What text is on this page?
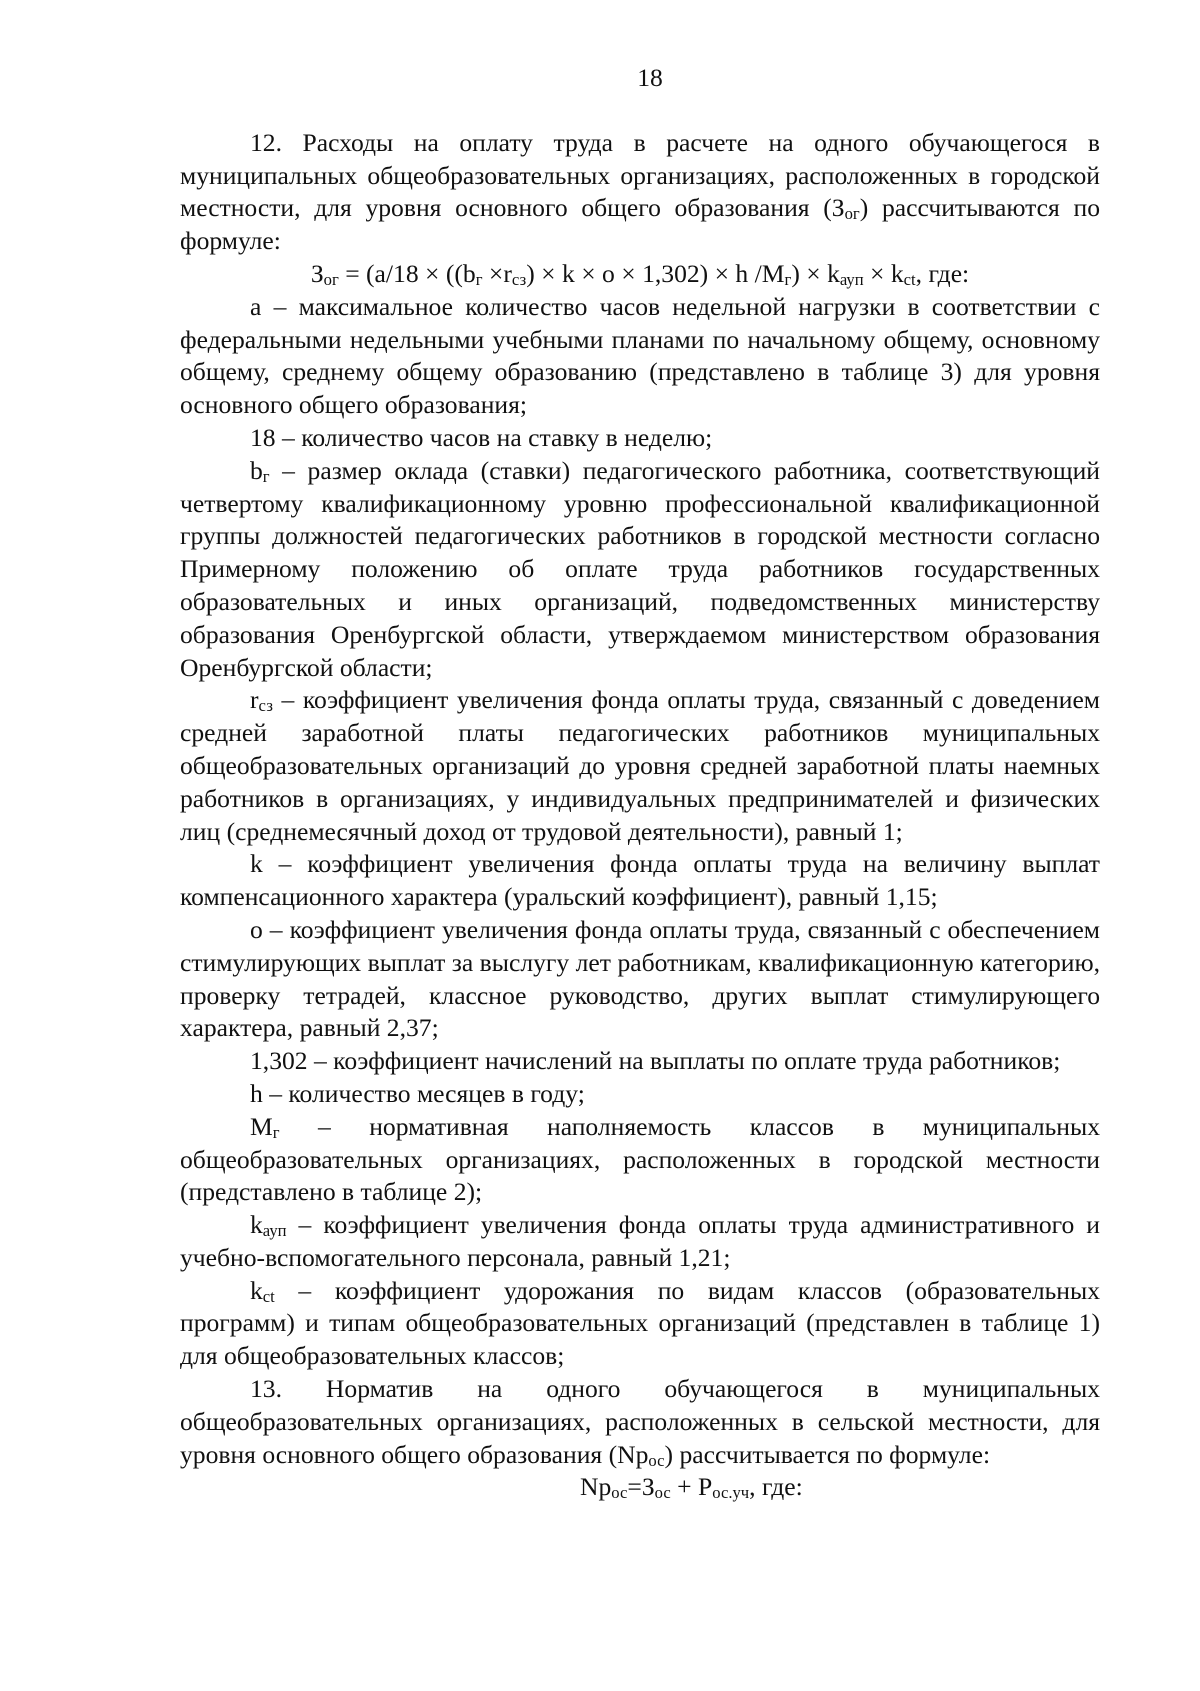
18

12. Расходы на оплату труда в расчете на одного обучающегося в муниципальных общеобразовательных организациях, расположенных в городской местности, для уровня основного общего образования $(З_{ог})$ рассчитываются по формуле:

$З_{ог} = (а/18 \times ((b_г \times r_{сз}) \times k \times o \times 1,302) \times h$ $/M_г) \times k_{ауп} \times k_{ct}$, где:

а – максимальное количество часов недельной нагрузки в соответствии с федеральными недельными учебными планами по начальному общему, основному общему, среднему общему образованию (представлено в таблице 3) для уровня основного общего образования;

18 – количество часов на ставку в неделю;

$b_г$ – размер оклада (ставки) педагогического работника, соответствующий четвертому квалификационному уровню профессиональной квалификационной группы должностей педагогических работников в городской местности согласно Примерному положению об оплате труда работников государственных образовательных и иных организаций, подведомственных министерству образования Оренбургской области, утверждаемом министерством образования Оренбургской области;

$r_{сз}$ – коэффициент увеличения фонда оплаты труда, связанный с доведением средней заработной платы педагогических работников муниципальных общеобразовательных организаций до уровня средней заработной платы наемных работников в организациях, у индивидуальных предпринимателей и физических лиц (среднемесячный доход от трудовой деятельности), равный 1;

k – коэффициент увеличения фонда оплаты труда на величину выплат компенсационного характера (уральский коэффициент), равный 1,15;

о – коэффициент увеличения фонда оплаты труда, связанный с обеспечением стимулирующих выплат за выслугу лет работникам, квалификационную категорию, проверку тетрадей, классное руководство, других выплат стимулирующего характера, равный 2,37;

1,302 – коэффициент начислений на выплаты по оплате труда работников;

h – количество месяцев в году;

$М_г$ – нормативная наполняемость классов в муниципальных общеобразовательных организациях, расположенных в городской местности (представлено в таблице 2);

$k_{ауп}$ – коэффициент увеличения фонда оплаты труда административного и учебно-вспомогательного персонала, равный 1,21;

$k_{ct}$ – коэффициент удорожания по видам классов (образовательных программ) и типам общеобразовательных организаций (представлен в таблице 1) для общеобразовательных классов;

13. Норматив на одного обучающегося в муниципальных общеобразовательных организациях, расположенных в сельской местности, для уровня основного общего образования $(Np_{ос})$ рассчитывается по формуле:

$Np_{ос}=З_{ос} + Р_{ос.уч}$, где:
